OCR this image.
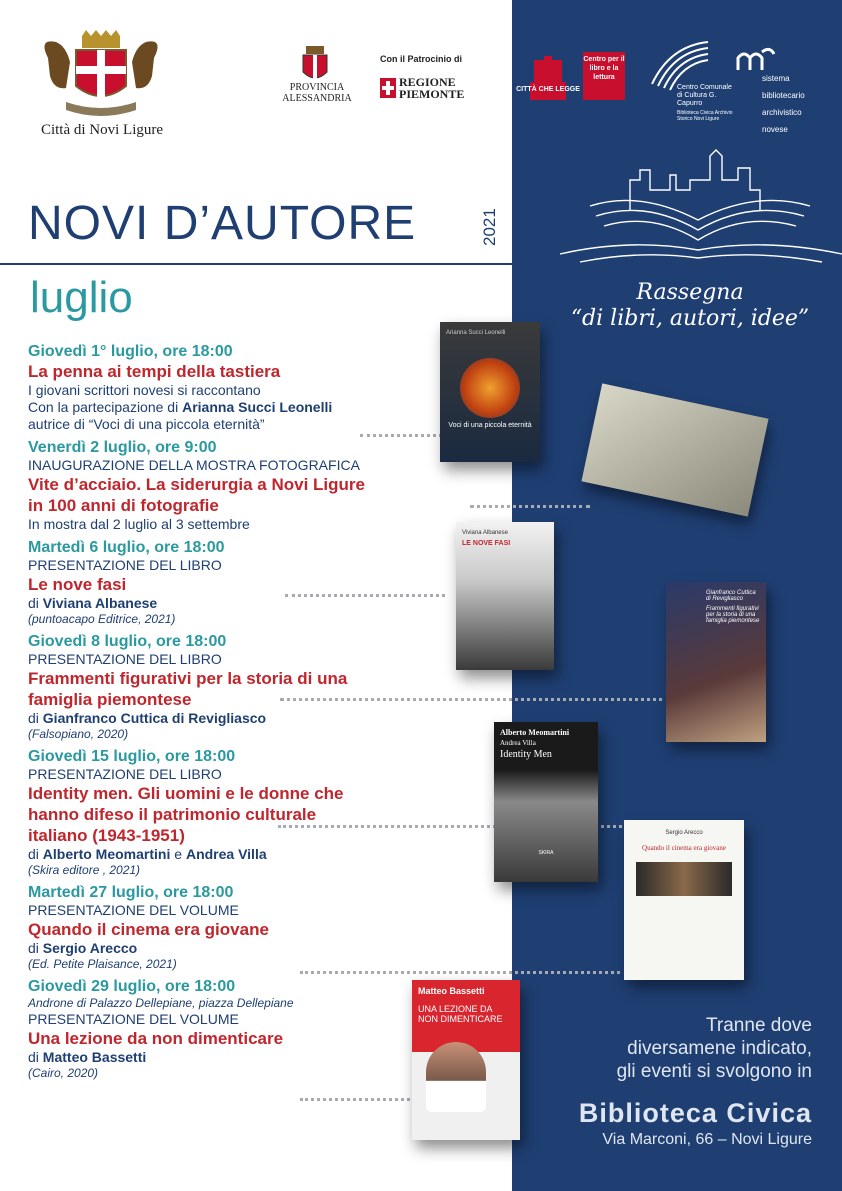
Città di Novi Ligure
PROVINCIA ALESSANDRIA
Con il Patrocinio di
REGIONE PIEMONTE	CITTÀ CHE LEGGE
Centro per il libro e la lettura
Centro Comunale di Cultura G. Capurro
Biblioteca Civica Archivio Storico Novi Ligure
sistema bibliotecario archivistico novese
NOVI D’AUTORE	2021
luglio	Rassegna
“di libri, autori, idee”
Giovedì 1° luglio, ore 18:00
La penna ai tempi della tastiera
I giovani scrittori novesi si raccontano
Con la partecipazione di Arianna Succi Leonelli
autrice di “Voci di una piccola eternità”
Venerdì 2 luglio, ore 9:00
INAUGURAZIONE DELLA MOSTRA FOTOGRAFICA
Vite d’acciaio. La siderurgia a Novi Ligure
in 100 anni di fotografie
In mostra dal 2 luglio al 3 settembre
Martedì 6 luglio, ore 18:00
PRESENTAZIONE DEL LIBRO
Le nove fasi
di Viviana Albanese
(puntoacapo Editrice, 2021)
Giovedì 8 luglio, ore 18:00
PRESENTAZIONE DEL LIBRO
Frammenti figurativi per la storia di una
famiglia piemontese
di Gianfranco Cuttica di Revigliasco
(Falsopiano, 2020)
Giovedì 15 luglio, ore 18:00
PRESENTAZIONE DEL LIBRO
Identity men. Gli uomini e le donne che
hanno difeso il patrimonio culturale
italiano (1943-1951)
di Alberto Meomartini e Andrea Villa
(Skira editore , 2021)
Martedì 27 luglio, ore 18:00
PRESENTAZIONE DEL VOLUME
Quando il cinema era giovane
di Sergio Arecco
(Ed. Petite Plaisance, 2021)
Giovedì 29 luglio, ore 18:00
Androne di Palazzo Dellepiane, piazza Dellepiane
PRESENTAZIONE DEL VOLUME
Una lezione da non dimenticare
di Matteo Bassetti
(Cairo, 2020)
Arianna Succi Leonelli
Voci di una piccola eternità
Viviana Albanese
LE NOVE FASI
Gianfranco Cuttica di Revigliasco
Frammenti figurativi per la storia di una famiglia piemontese
Alberto Meomartini
Andrea Villa
Identity Men
SKIRA
Sergio Arecco
Quando il cinema era giovane
Matteo Bassetti
UNA LEZIONE DA
NON DIMENTICARE	Tranne dove
diversamene indicato,
gli eventi si svolgono in
Biblioteca Civica
Via Marconi, 66 – Novi Ligure
